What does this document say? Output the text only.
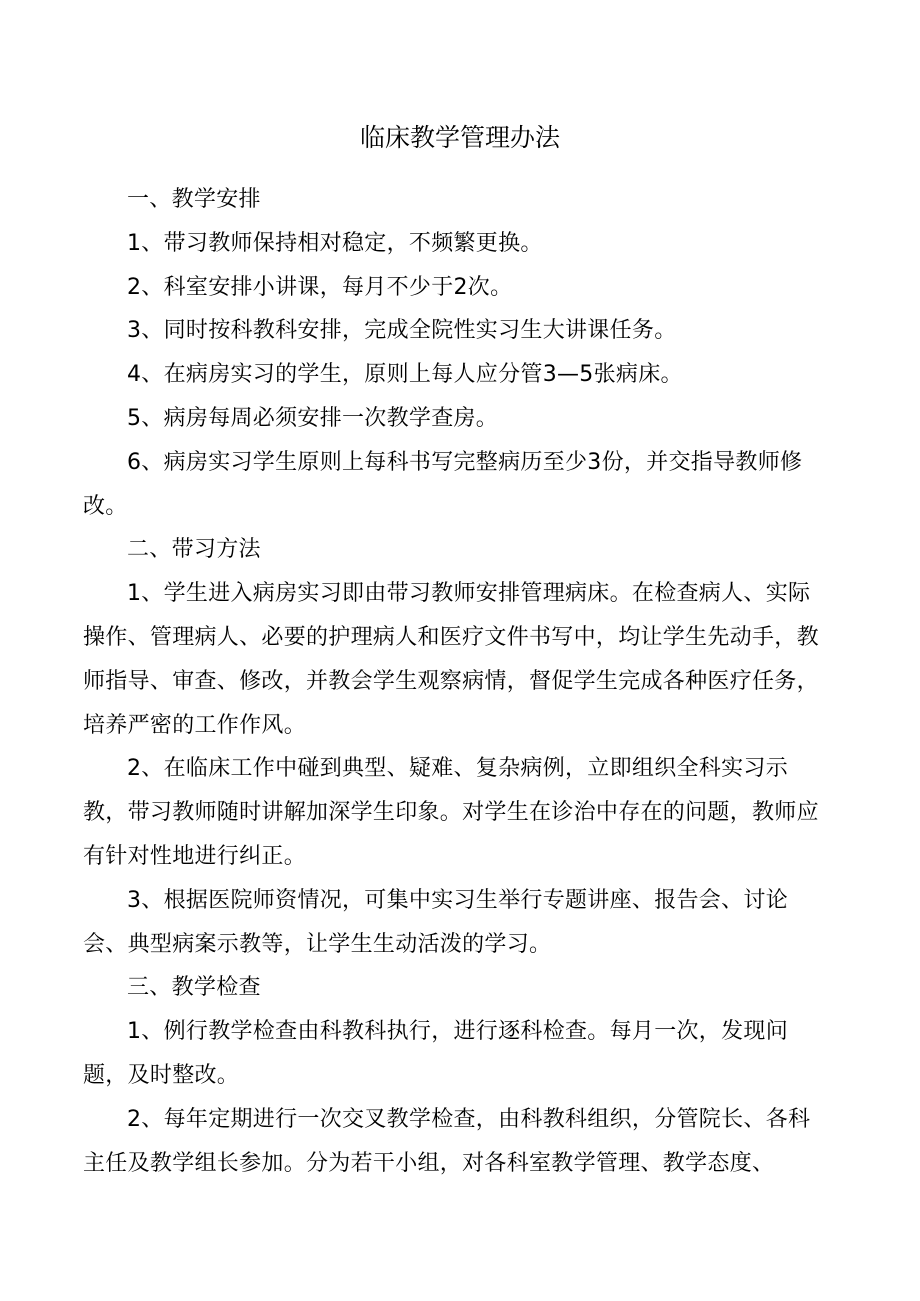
临床教学管理办法

一、教学安排

1、带习教师保持相对稳定，不频繁更换。

2、科室安排小讲课，每月不少于2次。

3、同时按科教科安排，完成全院性实习生大讲课任务。

4、在病房实习的学生，原则上每人应分管3—5张病床。

5、病房每周必须安排一次教学查房。

6、病房实习学生原则上每科书写完整病历至少3份，并交指导教师修改。

二、带习方法

1、学生进入病房实习即由带习教师安排管理病床。在检查病人、实际操作、管理病人、必要的护理病人和医疗文件书写中，均让学生先动手，教师指导、审查、修改，并教会学生观察病情，督促学生完成各种医疗任务，培养严密的工作作风。

2、在临床工作中碰到典型、疑难、复杂病例，立即组织全科实习示教，带习教师随时讲解加深学生印象。对学生在诊治中存在的问题，教师应有针对性地进行纠正。

3、根据医院师资情况，可集中实习生举行专题讲座、报告会、讨论会、典型病案示教等，让学生生动活泼的学习。

三、教学检查

1、例行教学检查由科教科执行，进行逐科检查。每月一次，发现问题，及时整改。

2、每年定期进行一次交叉教学检查，由科教科组织，分管院长、各科主任及教学组长参加。分为若干小组，对各科室教学管理、教学态度、
